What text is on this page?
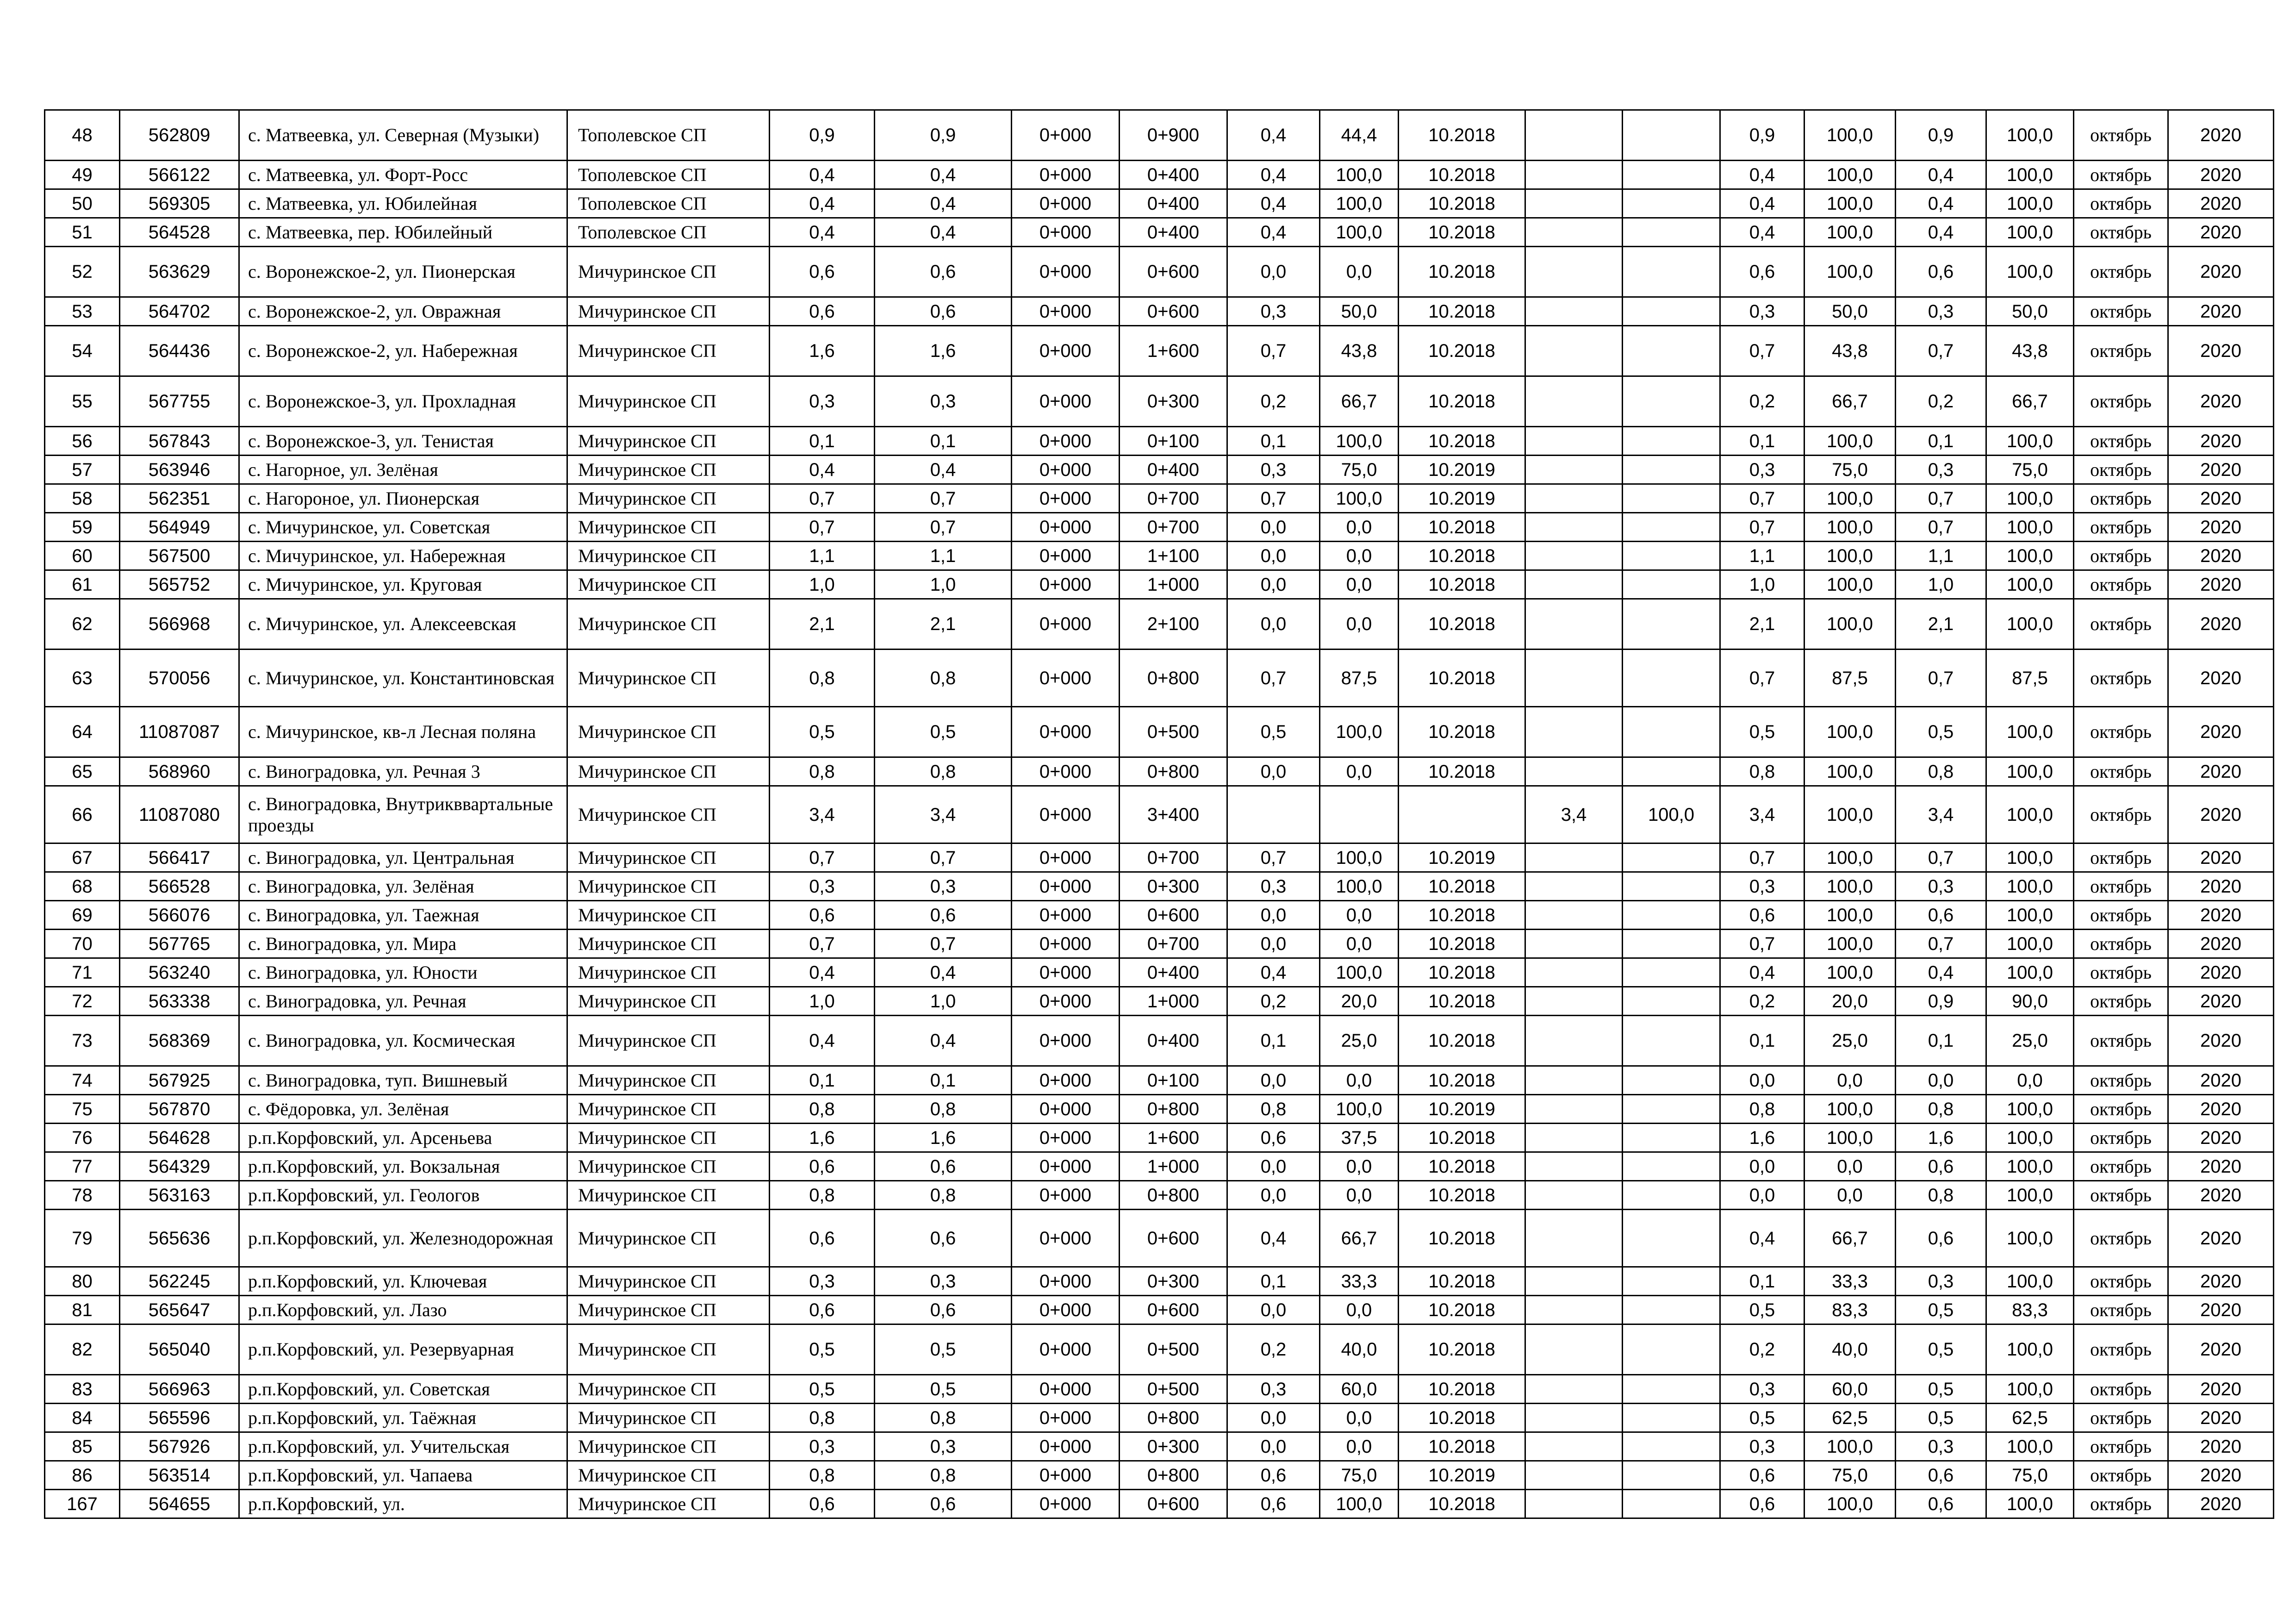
48	562809	с. Матвеевка, ул. Северная (Музыки)	Тополевское СП	0,9	0,9	0+000	0+900	0,4	44,4	10.2018			0,9	100,0	0,9	100,0	октябрь	2020
49	566122	с. Матвеевка, ул. Форт-Росс	Тополевское СП	0,4	0,4	0+000	0+400	0,4	100,0	10.2018			0,4	100,0	0,4	100,0	октябрь	2020
50	569305	с. Матвеевка, ул. Юбилейная	Тополевское СП	0,4	0,4	0+000	0+400	0,4	100,0	10.2018			0,4	100,0	0,4	100,0	октябрь	2020
51	564528	с. Матвеевка, пер. Юбилейный	Тополевское СП	0,4	0,4	0+000	0+400	0,4	100,0	10.2018			0,4	100,0	0,4	100,0	октябрь	2020
52	563629	с. Воронежское-2, ул. Пионерская	Мичуринское СП	0,6	0,6	0+000	0+600	0,0	0,0	10.2018			0,6	100,0	0,6	100,0	октябрь	2020
53	564702	с. Воронежское-2, ул. Овражная	Мичуринское СП	0,6	0,6	0+000	0+600	0,3	50,0	10.2018			0,3	50,0	0,3	50,0	октябрь	2020
54	564436	с. Воронежское-2, ул. Набережная	Мичуринское СП	1,6	1,6	0+000	1+600	0,7	43,8	10.2018			0,7	43,8	0,7	43,8	октябрь	2020
55	567755	с. Воронежское-3, ул. Прохладная	Мичуринское СП	0,3	0,3	0+000	0+300	0,2	66,7	10.2018			0,2	66,7	0,2	66,7	октябрь	2020
56	567843	с. Воронежское-3, ул. Тенистая	Мичуринское СП	0,1	0,1	0+000	0+100	0,1	100,0	10.2018			0,1	100,0	0,1	100,0	октябрь	2020
57	563946	с. Нагорное, ул. Зелёная	Мичуринское СП	0,4	0,4	0+000	0+400	0,3	75,0	10.2019			0,3	75,0	0,3	75,0	октябрь	2020
58	562351	с. Нагороное, ул. Пионерская	Мичуринское СП	0,7	0,7	0+000	0+700	0,7	100,0	10.2019			0,7	100,0	0,7	100,0	октябрь	2020
59	564949	с. Мичуринское, ул. Советская	Мичуринское СП	0,7	0,7	0+000	0+700	0,0	0,0	10.2018			0,7	100,0	0,7	100,0	октябрь	2020
60	567500	с. Мичуринское, ул. Набережная	Мичуринское СП	1,1	1,1	0+000	1+100	0,0	0,0	10.2018			1,1	100,0	1,1	100,0	октябрь	2020
61	565752	с. Мичуринское, ул. Круговая	Мичуринское СП	1,0	1,0	0+000	1+000	0,0	0,0	10.2018			1,0	100,0	1,0	100,0	октябрь	2020
62	566968	с. Мичуринское, ул. Алексеевская	Мичуринское СП	2,1	2,1	0+000	2+100	0,0	0,0	10.2018			2,1	100,0	2,1	100,0	октябрь	2020
63	570056	с. Мичуринское, ул. Константиновская	Мичуринское СП	0,8	0,8	0+000	0+800	0,7	87,5	10.2018			0,7	87,5	0,7	87,5	октябрь	2020
64	11087087	с. Мичуринское, кв-л Лесная поляна	Мичуринское СП	0,5	0,5	0+000	0+500	0,5	100,0	10.2018			0,5	100,0	0,5	100,0	октябрь	2020
65	568960	с. Виноградовка, ул. Речная 3	Мичуринское СП	0,8	0,8	0+000	0+800	0,0	0,0	10.2018			0,8	100,0	0,8	100,0	октябрь	2020
66	11087080	с. Виноградовка, Внутрикввартальные проезды	Мичуринское СП	3,4	3,4	0+000	3+400				3,4	100,0	3,4	100,0	3,4	100,0	октябрь	2020
67	566417	с. Виноградовка, ул. Центральная	Мичуринское СП	0,7	0,7	0+000	0+700	0,7	100,0	10.2019			0,7	100,0	0,7	100,0	октябрь	2020
68	566528	с. Виноградовка, ул. Зелёная	Мичуринское СП	0,3	0,3	0+000	0+300	0,3	100,0	10.2018			0,3	100,0	0,3	100,0	октябрь	2020
69	566076	с. Виноградовка, ул. Таежная	Мичуринское СП	0,6	0,6	0+000	0+600	0,0	0,0	10.2018			0,6	100,0	0,6	100,0	октябрь	2020
70	567765	с. Виноградовка, ул. Мира	Мичуринское СП	0,7	0,7	0+000	0+700	0,0	0,0	10.2018			0,7	100,0	0,7	100,0	октябрь	2020
71	563240	с. Виноградовка, ул. Юности	Мичуринское СП	0,4	0,4	0+000	0+400	0,4	100,0	10.2018			0,4	100,0	0,4	100,0	октябрь	2020
72	563338	с. Виноградовка, ул. Речная	Мичуринское СП	1,0	1,0	0+000	1+000	0,2	20,0	10.2018			0,2	20,0	0,9	90,0	октябрь	2020
73	568369	с. Виноградовка, ул. Космическая	Мичуринское СП	0,4	0,4	0+000	0+400	0,1	25,0	10.2018			0,1	25,0	0,1	25,0	октябрь	2020
74	567925	с. Виноградовка, туп. Вишневый	Мичуринское СП	0,1	0,1	0+000	0+100	0,0	0,0	10.2018			0,0	0,0	0,0	0,0	октябрь	2020
75	567870	с. Фёдоровка, ул. Зелёная	Мичуринское СП	0,8	0,8	0+000	0+800	0,8	100,0	10.2019			0,8	100,0	0,8	100,0	октябрь	2020
76	564628	р.п.Корфовский, ул. Арсеньева	Мичуринское СП	1,6	1,6	0+000	1+600	0,6	37,5	10.2018			1,6	100,0	1,6	100,0	октябрь	2020
77	564329	р.п.Корфовский, ул. Вокзальная	Мичуринское СП	0,6	0,6	0+000	1+000	0,0	0,0	10.2018			0,0	0,0	0,6	100,0	октябрь	2020
78	563163	р.п.Корфовский, ул. Геологов	Мичуринское СП	0,8	0,8	0+000	0+800	0,0	0,0	10.2018			0,0	0,0	0,8	100,0	октябрь	2020
79	565636	р.п.Корфовский, ул. Железнодорожная	Мичуринское СП	0,6	0,6	0+000	0+600	0,4	66,7	10.2018			0,4	66,7	0,6	100,0	октябрь	2020
80	562245	р.п.Корфовский, ул. Ключевая	Мичуринское СП	0,3	0,3	0+000	0+300	0,1	33,3	10.2018			0,1	33,3	0,3	100,0	октябрь	2020
81	565647	р.п.Корфовский, ул. Лазо	Мичуринское СП	0,6	0,6	0+000	0+600	0,0	0,0	10.2018			0,5	83,3	0,5	83,3	октябрь	2020
82	565040	р.п.Корфовский, ул. Резервуарная	Мичуринское СП	0,5	0,5	0+000	0+500	0,2	40,0	10.2018			0,2	40,0	0,5	100,0	октябрь	2020
83	566963	р.п.Корфовский, ул. Советская	Мичуринское СП	0,5	0,5	0+000	0+500	0,3	60,0	10.2018			0,3	60,0	0,5	100,0	октябрь	2020
84	565596	р.п.Корфовский, ул. Таёжная	Мичуринское СП	0,8	0,8	0+000	0+800	0,0	0,0	10.2018			0,5	62,5	0,5	62,5	октябрь	2020
85	567926	р.п.Корфовский, ул. Учительская	Мичуринское СП	0,3	0,3	0+000	0+300	0,0	0,0	10.2018			0,3	100,0	0,3	100,0	октябрь	2020
86	563514	р.п.Корфовский, ул. Чапаева	Мичуринское СП	0,8	0,8	0+000	0+800	0,6	75,0	10.2019			0,6	75,0	0,6	75,0	октябрь	2020
167	564655	р.п.Корфовский, ул.	Мичуринское СП	0,6	0,6	0+000	0+600	0,6	100,0	10.2018			0,6	100,0	0,6	100,0	октябрь	2020
